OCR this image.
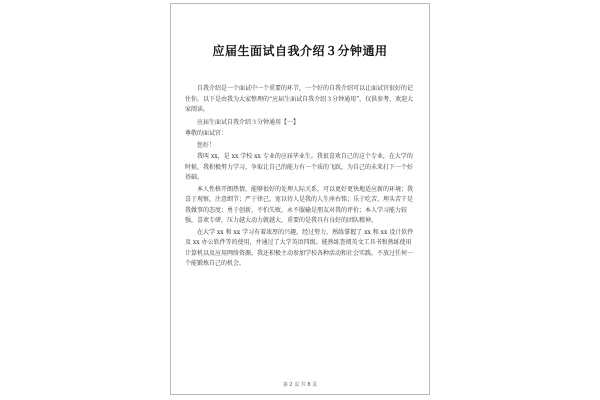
应届生面试自我介绍３分钟通用

自我介绍是一个面试中一个重要的环节，一个好的自我介绍可以让面试官很好的记住你。以下是由我为大家整理的“应届生面试自我介绍３分钟通用”，仅供参考，欢迎大家阅读。

应届生面试自我介绍３分钟通用【一】

尊敬的面试官：

您好！

我叫 xx，是 xx 学校 xx 专业的应届毕业生。我很喜欢自己的这个专业，在大学的时候，我积极努力学习，争取让自己的能力有一个质的飞跃，为自己的未来打下一个好基础。

本人性格开朗热情，能够很好的处理人际关系，可以更好更快地适应新的环境；我喜于观察，注意细节；严于律己，宽以待人是我的人生座右铭；乐于吃苦，埋头苦干是我做事的态度；勇于创新，不怕失败，永不服输是朋友对我的评价；本人学习能力较强，喜欢专研，压力越大动力就越大，重要的是我具有良好的团队精神。

在大学 xx 和 xx 学习有着浓厚的兴趣，经过努力，熟练掌握了 xx 和 xx 设计软件及 xx 办公软件等的使用，并通过了大学英语四级。能熟练查阅英文工具书和熟练使用计算机以及应用网络资源。我还积极主动参加学校各种活动和社会实践。不放过任何一个能锻炼自己的机会。

第 2 页 共 8 页
